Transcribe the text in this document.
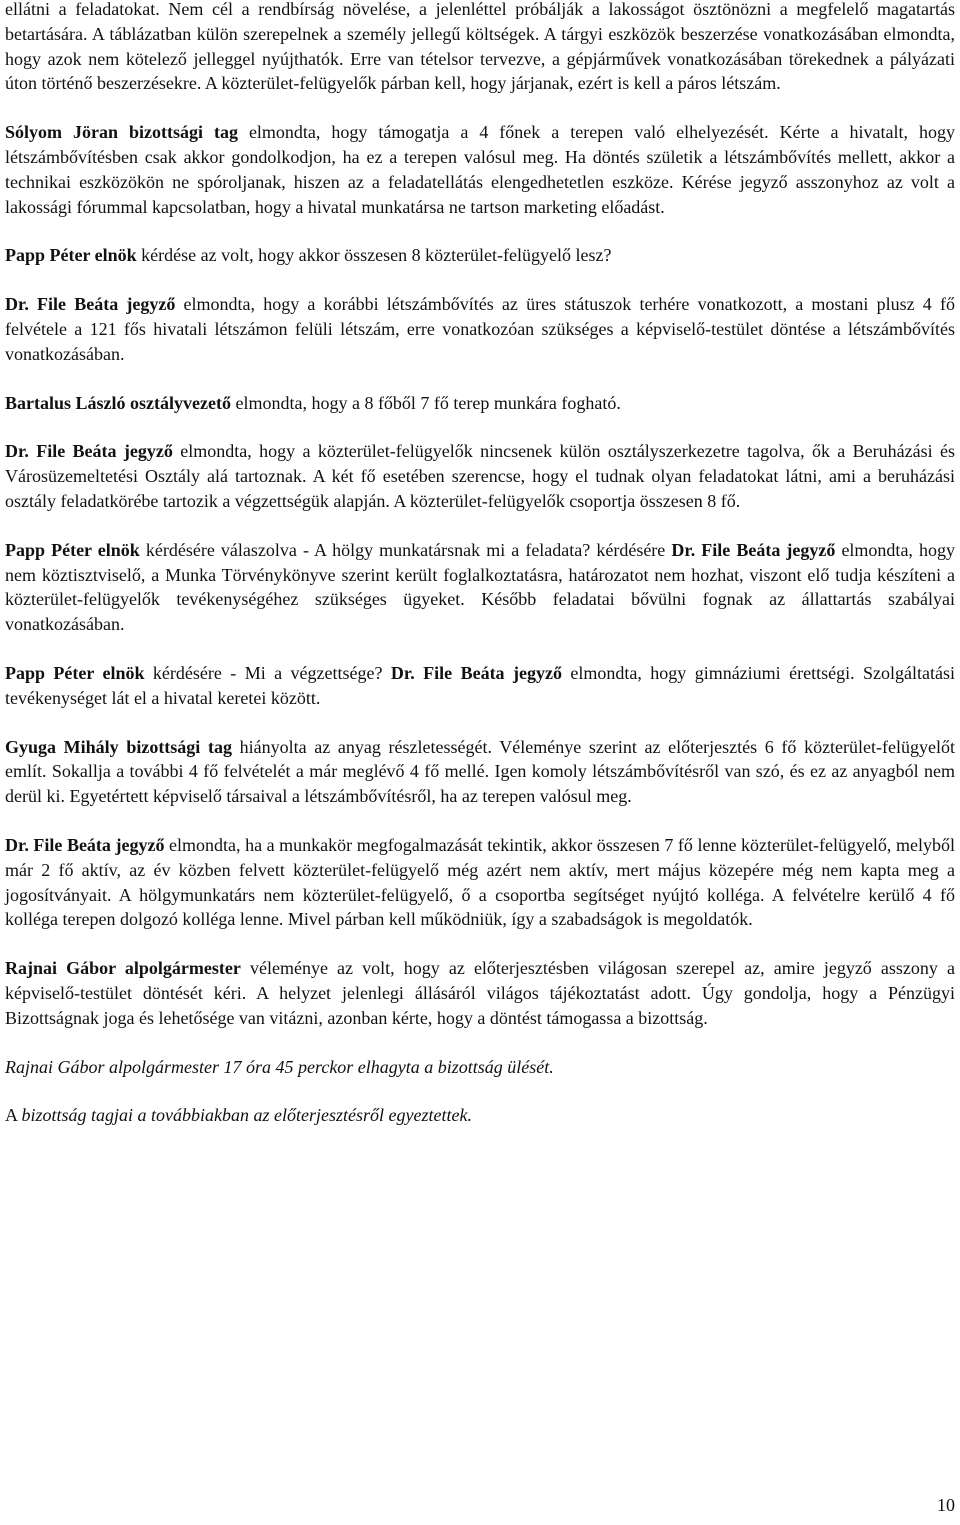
ellátni a feladatokat. Nem cél a rendbírság növelése, a jelenléttel próbálják a lakosságot ösztönözni a megfelelő magatartás betartására. A táblázatban külön szerepelnek a személy jellegű költségek. A tárgyi eszközök beszerzése vonatkozásában elmondta, hogy azok nem kötelező jelleggel nyújthatók. Erre van tételsor tervezve, a gépjárművek vonatkozásában törekednek a pályázati úton történő beszerzésekre. A közterület-felügyelők párban kell, hogy járjanak, ezért is kell a páros létszám.

Sólyom Jöran bizottsági tag elmondta, hogy támogatja a 4 főnek a terepen való elhelyezését. Kérte a hivatalt, hogy létszámbővítésben csak akkor gondolkodjon, ha ez a terepen valósul meg. Ha döntés születik a létszámbővítés mellett, akkor a technikai eszközökön ne spóroljanak, hiszen az a feladatellátás elengedhetetlen eszköze. Kérése jegyző asszonyhoz az volt a lakossági fórummal kapcsolatban, hogy a hivatal munkatársa ne tartson marketing előadást.

Papp Péter elnök kérdése az volt, hogy akkor összesen 8 közterület-felügyelő lesz?

Dr. File Beáta jegyző elmondta, hogy a korábbi létszámbővítés az üres státuszok terhére vonatkozott, a mostani plusz 4 fő felvétele a 121 fős hivatali létszámon felüli létszám, erre vonatkozóan szükséges a képviselő-testület döntése a létszámbővítés vonatkozásában.

Bartalus László osztályvezető elmondta, hogy a 8 főből 7 fő terep munkára fogható.

Dr. File Beáta jegyző elmondta, hogy a közterület-felügyelők nincsenek külön osztályszerkezetre tagolva, ők a Beruházási és Városüzemeltetési Osztály alá tartoznak. A két fő esetében szerencse, hogy el tudnak olyan feladatokat látni, ami a beruházási osztály feladatkörébe tartozik a végzettségük alapján. A közterület-felügyelők csoportja összesen 8 fő.

Papp Péter elnök kérdésére válaszolva - A hölgy munkatársnak mi a feladata? kérdésére Dr. File Beáta jegyző elmondta, hogy nem köztisztviselő, a Munka Törvénykönyve szerint került foglalkoztatásra, határozatot nem hozhat, viszont elő tudja készíteni a közterület-felügyelők tevékenységéhez szükséges ügyeket. Később feladatai bővülni fognak az állattartás szabályai vonatkozásában.

Papp Péter elnök kérdésére - Mi a végzettsége? Dr. File Beáta jegyző elmondta, hogy gimnáziumi érettségi. Szolgáltatási tevékenységet lát el a hivatal keretei között.

Gyuga Mihály bizottsági tag hiányolta az anyag részletességét. Véleménye szerint az előterjesztés 6 fő közterület-felügyelőt említ. Sokallja a további 4 fő felvételét a már meglévő 4 fő mellé. Igen komoly létszámbővítésről van szó, és ez az anyagból nem derül ki. Egyetértett képviselő társaival a létszámbővítésről, ha az terepen valósul meg.

Dr. File Beáta jegyző elmondta, ha a munkakör megfogalmazását tekintik, akkor összesen 7 fő lenne közterület-felügyelő, melyből már 2 fő aktív, az év közben felvett közterület-felügyelő még azért nem aktív, mert május közepére még nem kapta meg a jogosítványait. A hölgymunkatárs nem közterület-felügyelő, ő a csoportba segítséget nyújtó kolléga. A felvételre kerülő 4 fő kolléga terepen dolgozó kolléga lenne. Mivel párban kell működniük, így a szabadságok is megoldatók.

Rajnai Gábor alpolgármester véleménye az volt, hogy az előterjesztésben világosan szerepel az, amire jegyző asszony a képviselő-testület döntését kéri. A helyzet jelenlegi állásáról világos tájékoztatást adott. Úgy gondolja, hogy a Pénzügyi Bizottságnak joga és lehetősége van vitázni, azonban kérte, hogy a döntést támogassa a bizottság.

Rajnai Gábor alpolgármester 17 óra 45 perckor elhagyta a bizottság ülését.

A bizottság tagjai a továbbiakban az előterjesztésről egyeztettek.

10
